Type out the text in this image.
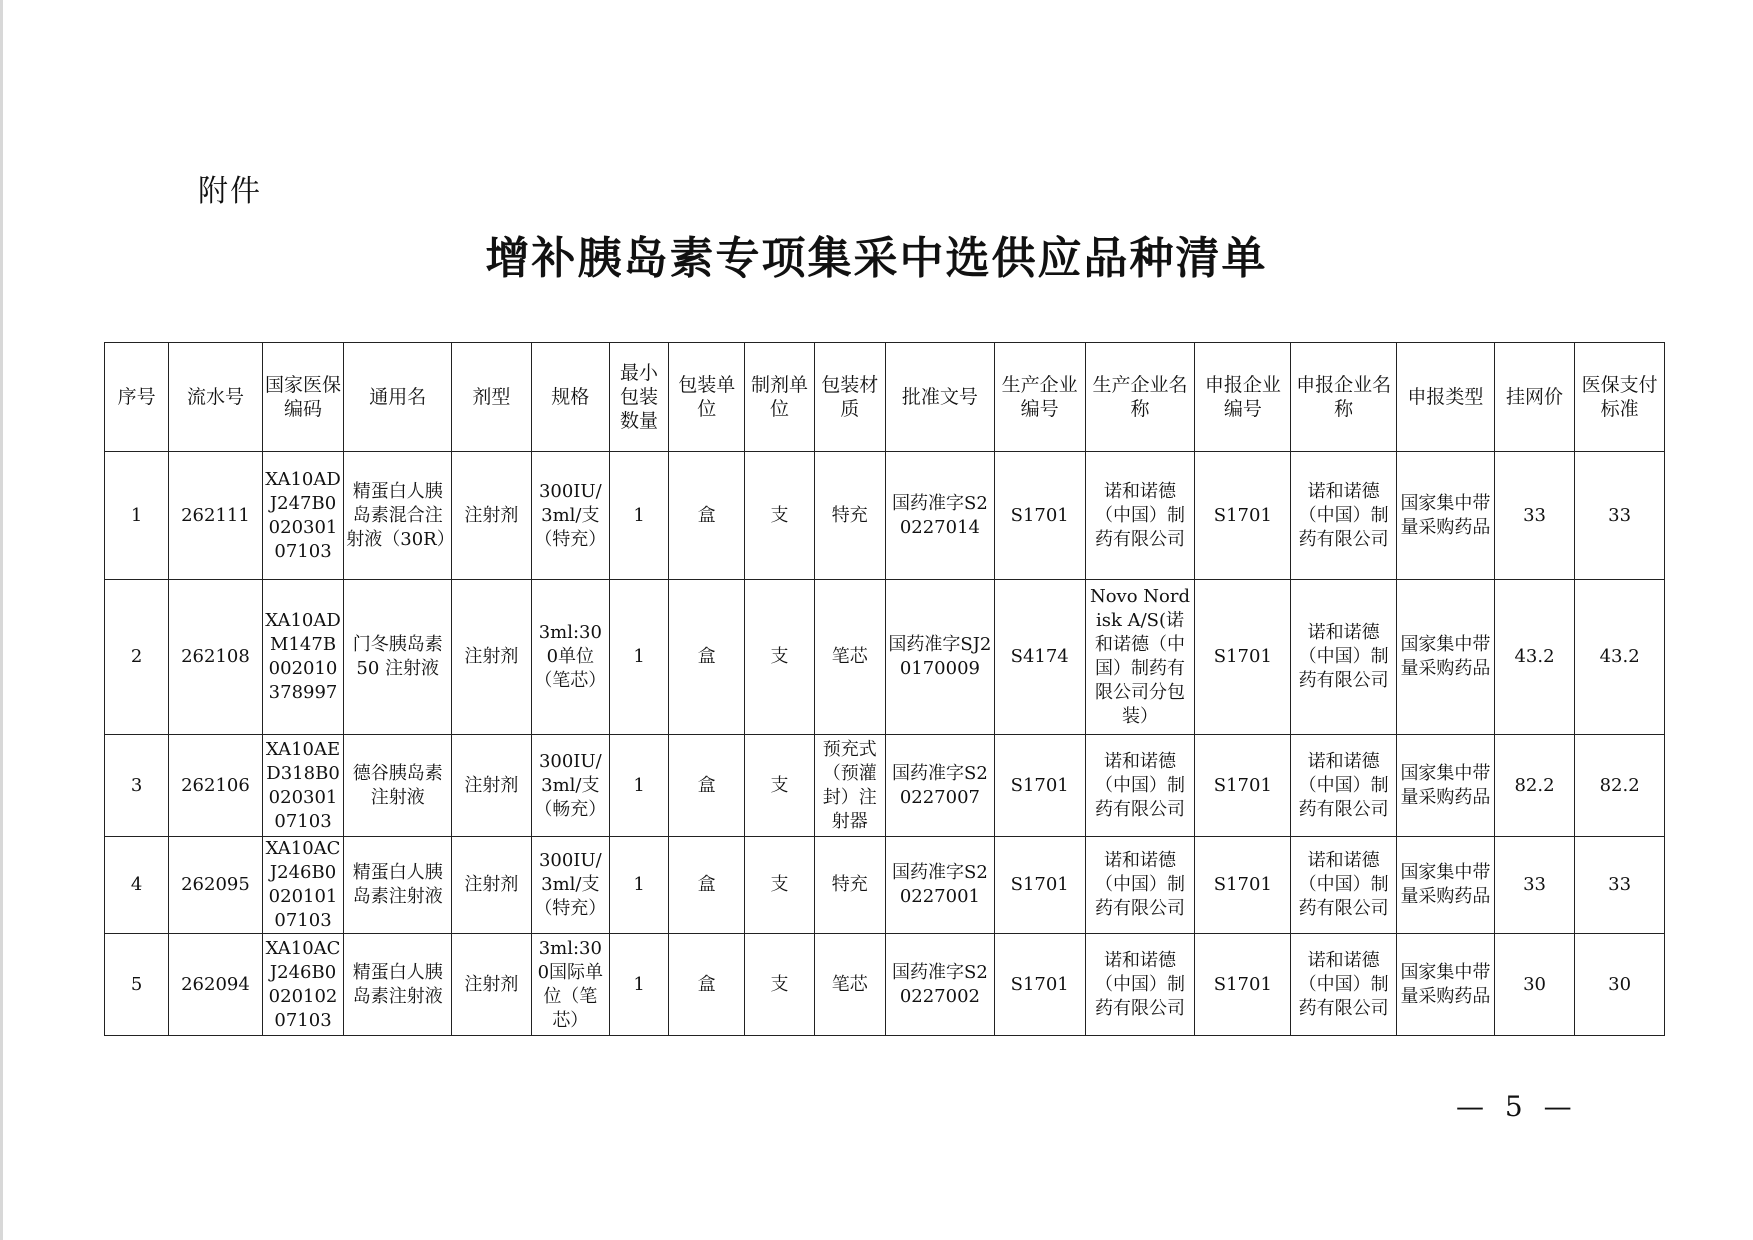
附件
增补胰岛素专项集采中选供应品种清单
序号	流水号	国家医保编码	通用名	剂型	规格	最小包装数量	包装单位	制剂单位	包装材质	批准文号	生产企业编号	生产企业名称	申报企业编号	申报企业名称	申报类型	挂网价	医保支付标准
1	262111	XA10ADJ247B002030107103	精蛋白人胰岛素混合注射液（30R）	注射剂	300IU/3ml/支（特充）	1	盒	支	特充	国药准字S20227014	S1701	诺和诺德（中国）制药有限公司	S1701	诺和诺德（中国）制药有限公司	国家集中带量采购药品	33	33
2	262108	XA10ADM147B002010378997	门冬胰岛素 50 注射液	注射剂	3ml:300单位（笔芯）	1	盒	支	笔芯	国药准字SJ20170009	S4174	Novo Nordisk A/S(诺和诺德（中国）制药有限公司分包装）	S1701	诺和诺德（中国）制药有限公司	国家集中带量采购药品	43.2	43.2
3	262106	XA10AED318B002030107103	德谷胰岛素注射液	注射剂	300IU/3ml/支（畅充）	1	盒	支	预充式（预灌封）注射器	国药准字S20227007	S1701	诺和诺德（中国）制药有限公司	S1701	诺和诺德（中国）制药有限公司	国家集中带量采购药品	82.2	82.2
4	262095	XA10ACJ246B002010107103	精蛋白人胰岛素注射液	注射剂	300IU/3ml/支（特充）	1	盒	支	特充	国药准字S20227001	S1701	诺和诺德（中国）制药有限公司	S1701	诺和诺德（中国）制药有限公司	国家集中带量采购药品	33	33
5	262094	XA10ACJ246B002010207103	精蛋白人胰岛素注射液	注射剂	3ml:300国际单位（笔芯）	1	盒	支	笔芯	国药准字S20227002	S1701	诺和诺德（中国）制药有限公司	S1701	诺和诺德（中国）制药有限公司	国家集中带量采购药品	30	30
— 5 —
